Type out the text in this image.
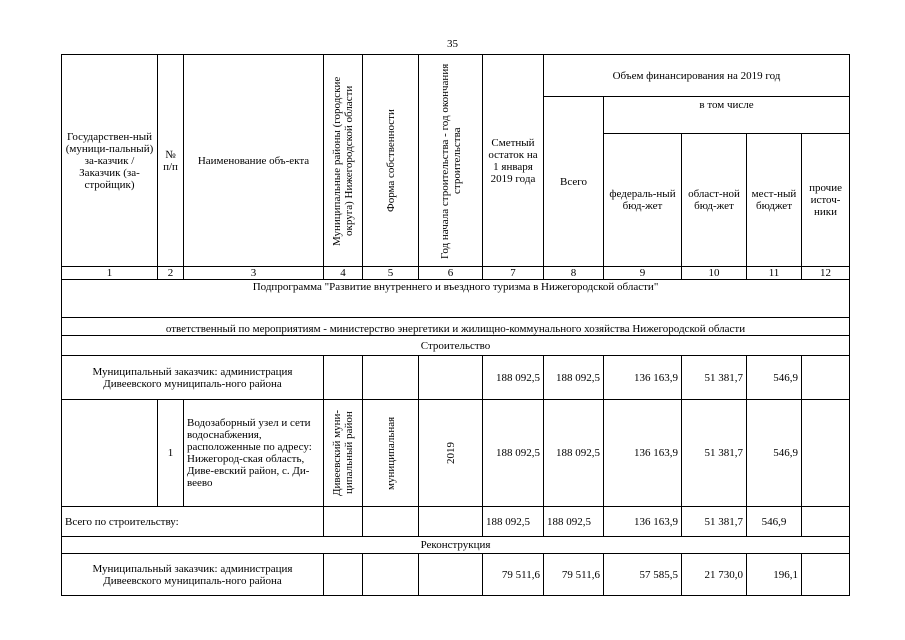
35
Государствен-ный (муници-пальный) за-казчик / Заказчик (за-стройщик)	№ п/п	Наименование объ-екта	Муниципальные районы (городские округа) Нижегородской области	Форма собственности	Год начала строительства - год окончания строительства	Сметный остаток на 1 января 2019 года	Объем финансирования на 2019 год				
							Всего	в том числе			
								федераль-ный бюд-жет	област-ной бюд-жет	мест-ный бюджет	прочие источ-ники
1	2	3	4	5	6	7	8	9	10	11	12
Подпрограмма "Развитие внутреннего и въездного туризма в Нижегородской области"											
ответственный по мероприятиям - министерство энергетики и жилищно-коммунального хозяйства Нижегородской области											
Строительство											
Муниципальный заказчик: администрация Дивеевского муниципаль-ного района						188 092,5	188 092,5	136 163,9	51 381,7	546,9	
	1	Водозаборный узел и сети водоснабжения, расположенные по адресу: Нижегород-ская область, Диве-евский район, с. Ди-веево	Дивеевский муни-ципальный район	муниципальная	2019	188 092,5	188 092,5	136 163,9	51 381,7	546,9	
Всего по строительству:						188 092,5	188 092,5	136 163,9	51 381,7	546,9	
Реконструкция											
Муниципальный заказчик: администрация Дивеевского муниципаль-ного района						79 511,6	79 511,6	57 585,5	21 730,0	196,1	
